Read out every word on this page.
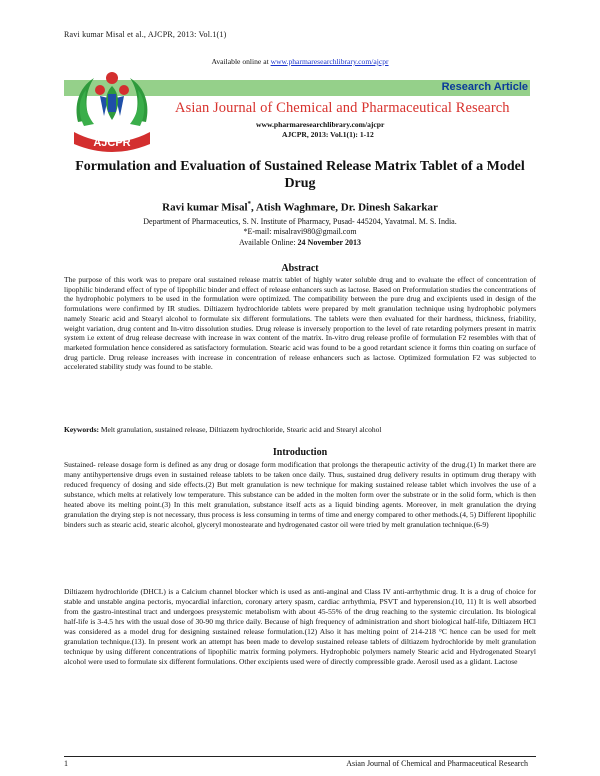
Ravi kumar Misal et al., AJCPR, 2013: Vol.1(1)
Available online at www.pharmaresearchlibrary.com/ajcpr
Research Article
AJCPR
Asian Journal of Chemical and Pharmaceutical Research
www.pharmaresearchlibrary.com/ajcpr
AJCPR, 2013: Vol.1(1): 1-12
Formulation and Evaluation of Sustained Release Matrix Tablet of a Model Drug
Ravi kumar Misal*, Atish Waghmare, Dr. Dinesh Sakarkar
Department of Pharmaceutics, S. N. Institute of Pharmacy, Pusad- 445204, Yavatmal. M. S. India.
*E-mail: misalravi980@gmail.com
Available Online: 24 November 2013
Abstract
The purpose of this work was to prepare oral sustained release matrix tablet of highly water soluble drug and to evaluate the effect of concentration of lipophilic binderand effect of type of lipophilic binder and effect of release enhancers such as lactose. Based on Preformulation studies the concentrations of the hydrophobic polymers to be used in the formulation were optimized. The compatibility between the pure drug and excipients used in design of the formulations were confirmed by IR studies. Diltiazem hydrochloride tablets were prepared by melt granulation technique using hydrophobic polymers namely Stearic acid and Stearyl alcohol to formulate six different formulations. The tablets were then evaluated for their hardness, thickness, friability, weight variation, drug content and In-vitro dissolution studies. Drug release is inversely proportion to the level of rate retarding polymers present in matrix system i.e extent of drug release decrease with increase in wax content of the matrix. In-vitro drug release profile of formulation F2 resembles with that of marketed formulation hence considered as satisfactory formulation. Stearic acid was found to be a good retardant science it forms thin coating on surface of drug particle. Drug release increases with increase in concentration of release enhancers such as lactose. Optimized formulation F2 was subjected to accelerated stability study was found to be stable.
Keywords: Melt granulation, sustained release, Diltiazem hydrochloride, Stearic acid and Stearyl alcohol
Introduction
Sustained- release dosage form is defined as any drug or dosage form modification that prolongs the therapeutic activity of the drug.(1) In market there are many antihypertensive drugs even in sustained release tablets to be taken once daily. Thus, sustained drug delivery results in optimum drug therapy with reduced frequency of dosing and side effects.(2) But melt granulation is new technique for making sustained release tablet which involves the use of a substance, which melts at relatively low temperature. This substance can be added in the molten form over the substrate or in the solid form, which is then heated above its melting point.(3) In this melt granulation, substance itself acts as a liquid binding agents. Moreover, in melt granulation the drying granulation the drying step is not necessary, thus process is less consuming in terms of time and energy compared to other methods.(4, 5) Different lipophilic binders such as stearic acid, stearic alcohol, glyceryl monostearate and hydrogenated castor oil were tried by melt granulation technique.(6-9)
Diltiazem hydrochloride (DHCL) is a Calcium channel blocker which is used as anti-anginal and Class IV anti-arrhythmic drug. It is a drug of choice for stable and unstable angina pectoris, myocardial infarction, coronary artery spasm, cardiac arrhythmia, PSVT and hyperension.(10, 11) It is well absorbed from the gastro-intestinal tract and undergoes presystemic metabolism with about 45-55% of the drug reaching to the systemic circulation. Its biological half-life is 3-4.5 hrs with the usual dose of 30-90 mg thrice daily. Because of high frequency of administration and short biological half-life, Diltiazem HCl was considered as a model drug for designing sustained release formulation.(12) Also it has melting point of 214-218 °C hence can be used for melt granulation technique.(13). In present work an attempt has been made to develop sustained release tablets of diltiazem hydrochloride by melt granulation technique by using different concentrations of lipophilic matrix forming polymers. Hydrophobic polymers namely Stearic acid and Hydrogenated Stearyl alcohol were used to formulate six different formulations. Other excipients used were of directly compressible grade. Aerosil used as a glidant. Lactose
1	Asian Journal of Chemical and Pharmaceutical Research
